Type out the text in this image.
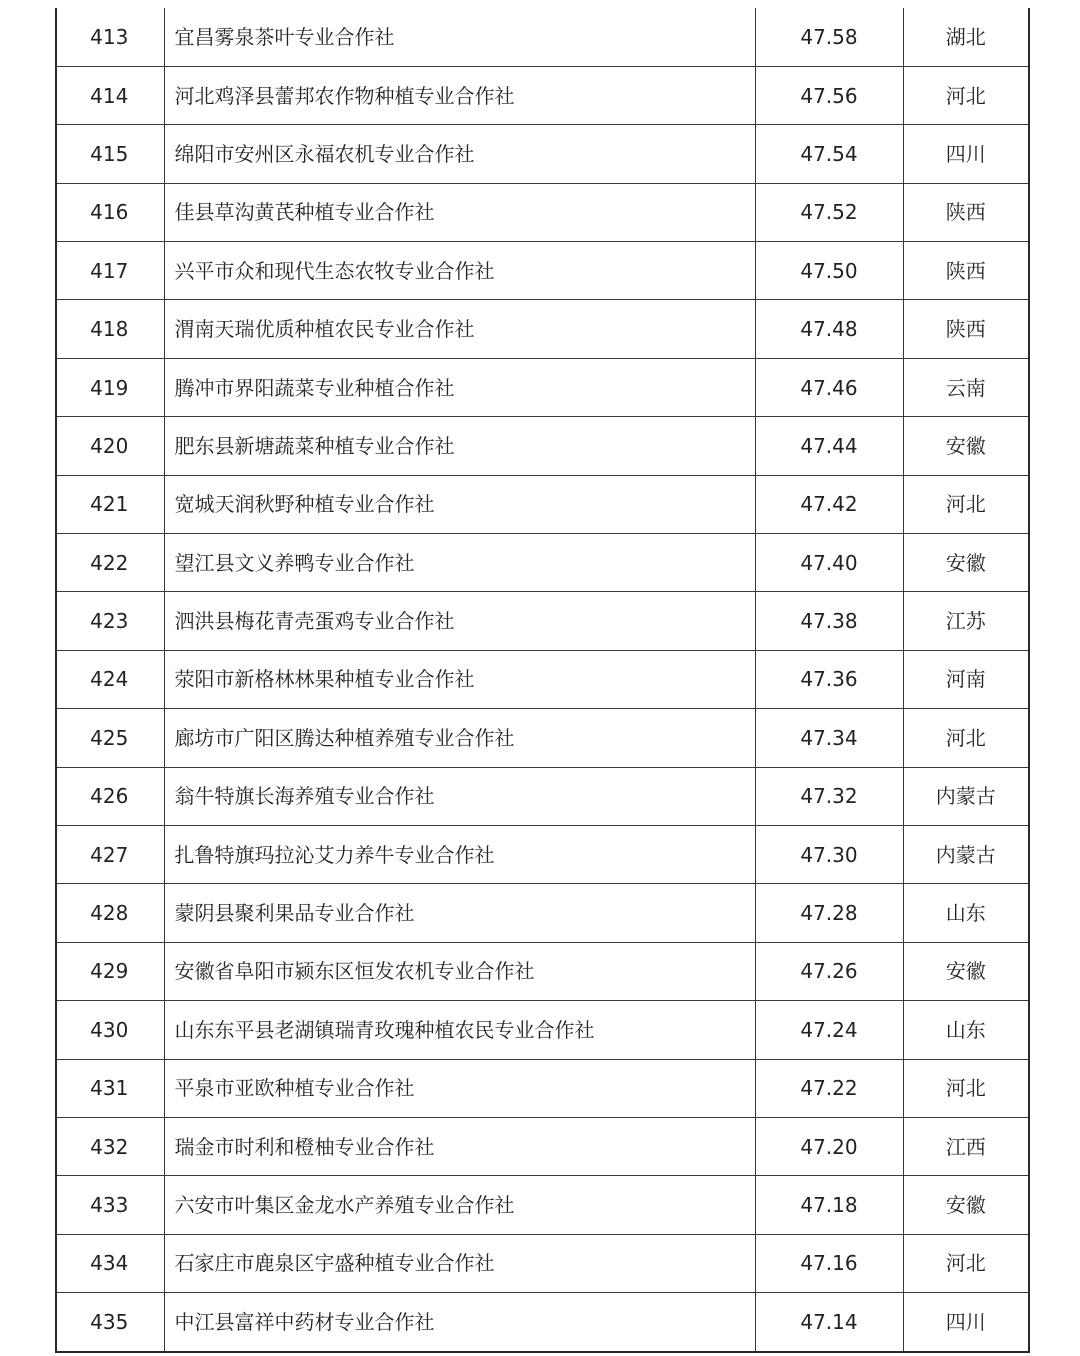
413	宜昌雾泉茶叶专业合作社	47.58	湖北
414	河北鸡泽县蕾邦农作物种植专业合作社	47.56	河北
415	绵阳市安州区永福农机专业合作社	47.54	四川
416	佳县草沟黄芪种植专业合作社	47.52	陕西
417	兴平市众和现代生态农牧专业合作社	47.50	陕西
418	渭南天瑞优质种植农民专业合作社	47.48	陕西
419	腾冲市界阳蔬菜专业种植合作社	47.46	云南
420	肥东县新塘蔬菜种植专业合作社	47.44	安徽
421	宽城天润秋野种植专业合作社	47.42	河北
422	望江县文义养鸭专业合作社	47.40	安徽
423	泗洪县梅花青壳蛋鸡专业合作社	47.38	江苏
424	荥阳市新格林林果种植专业合作社	47.36	河南
425	廊坊市广阳区腾达种植养殖专业合作社	47.34	河北
426	翁牛特旗长海养殖专业合作社	47.32	内蒙古
427	扎鲁特旗玛拉沁艾力养牛专业合作社	47.30	内蒙古
428	蒙阴县聚利果品专业合作社	47.28	山东
429	安徽省阜阳市颍东区恒发农机专业合作社	47.26	安徽
430	山东东平县老湖镇瑞青玫瑰种植农民专业合作社	47.24	山东
431	平泉市亚欧种植专业合作社	47.22	河北
432	瑞金市时利和橙柚专业合作社	47.20	江西
433	六安市叶集区金龙水产养殖专业合作社	47.18	安徽
434	石家庄市鹿泉区宇盛种植专业合作社	47.16	河北
435	中江县富祥中药材专业合作社	47.14	四川
